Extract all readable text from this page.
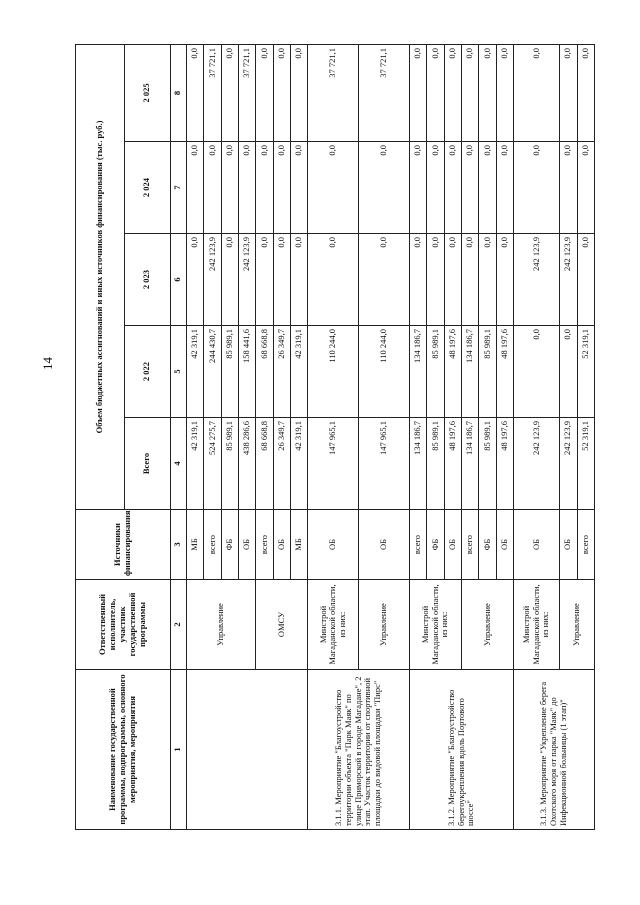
14
Наименование государственной программы, подпрограммы, основного мероприятия, мероприятия	Ответственный исполнитель, участник государственной программы	Источники финансирования	Объем бюджетных ассигнований и иных источников финансирования (тыс. руб.)				
			Всего	2 022	2 023	2 024	2 025
1	2	3	4	5	6	7	8
	Управление	МБ	42 319,1	42 319,1	0,0	0,0	0,0
		всего	524 275,7	244 430,7	242 123,9	0,0	37 721,1
		ФБ	85 989,1	85 989,1	0,0	0,0	0,0
		ОБ	438 286,6	158 441,6	242 123,9	0,0	37 721,1
	ОМСУ	всего	68 668,8	68 668,8	0,0	0,0	0,0
		ОБ	26 349,7	26 349,7	0,0	0,0	0,0
		МБ	42 319,1	42 319,1	0,0	0,0	0,0
3.1.1. Мероприятие "Благоустройство территории объекта "Парк Маяк" по улице Приморской в городе Магадане", 2 этап. Участок территории от спортивной площадки до видовой площадки "Пирс"	Минстрой Магаданской области, из них:	ОБ	147 965,1	110 244,0	0,0	0,0	37 721,1
	Управление	ОБ	147 965,1	110 244,0	0,0	0,0	37 721,1
3.1.2. Мероприятие "Благоустройство берегоукрепления вдоль Портового шоссе"	Минстрой Магаданской области, из них:	всего	134 186,7	134 186,7	0,0	0,0	0,0
		ФБ	85 989,1	85 989,1	0,0	0,0	0,0
		ОБ	48 197,6	48 197,6	0,0	0,0	0,0
	Управление	всего	134 186,7	134 186,7	0,0	0,0	0,0
		ФБ	85 989,1	85 989,1	0,0	0,0	0,0
		ОБ	48 197,6	48 197,6	0,0	0,0	0,0
3.1.3. Мероприятие "Укрепление берега Охотского моря от парка "Маяк" до Инфекционной больницы (1 этап)"	Минстрой Магаданской области, из них:	ОБ	242 123,9	0,0	242 123,9	0,0	0,0
	Управление	ОБ	242 123,9	0,0	242 123,9	0,0	0,0
		всего	52 319,1	52 319,1	0,0	0,0	0,0
